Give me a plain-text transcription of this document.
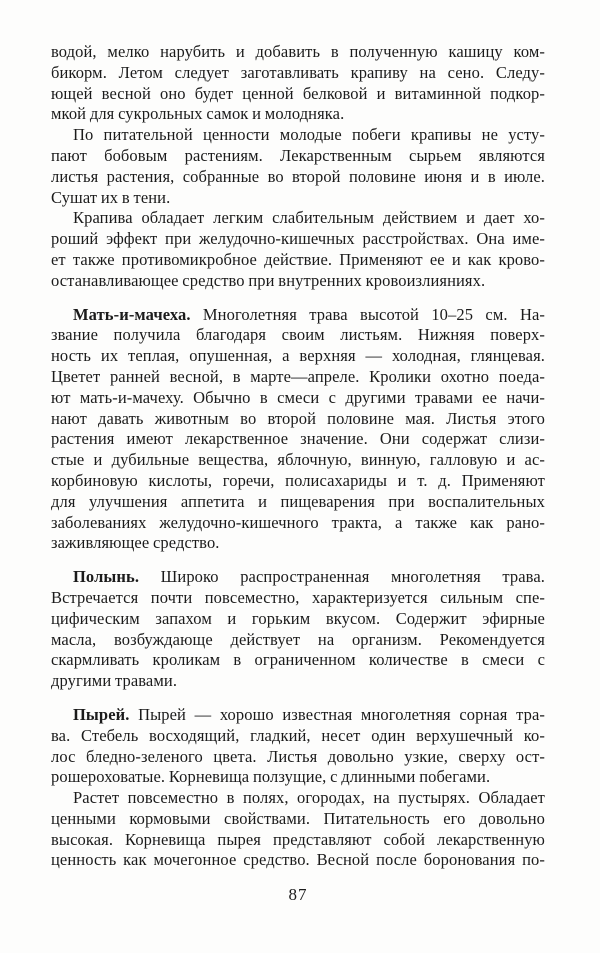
водой, мелко нарубить и добавить в полученную кашицу ком-
бикорм. Летом следует заготавливать крапиву на сено. Следу-
ющей весной оно будет ценной белковой и витаминной подкор-
мкой для сукрольных самок и молодняка.
По питательной ценности молодые побеги крапивы не усту-
пают бобовым растениям. Лекарственным сырьем являются
листья растения, собранные во второй половине июня и в июле.
Сушат их в тени.
Крапива обладает легким слабительным действием и дает хо-
роший эффект при желудочно-кишечных расстройствах. Она име-
ет также противомикробное действие. Применяют ее и как крово-
останавливающее средство при внутренних кровоизлияниях.
Мать-и-мачеха. Многолетняя трава высотой 10–25 см. На-
звание получила благодаря своим листьям. Нижняя поверх-
ность их теплая, опушенная, а верхняя — холодная, глянцевая.
Цветет ранней весной, в марте—апреле. Кролики охотно поеда-
ют мать-и-мачеху. Обычно в смеси с другими травами ее начи-
нают давать животным во второй половине мая. Листья этого
растения имеют лекарственное значение. Они содержат слизи-
стые и дубильные вещества, яблочную, винную, галловую и ас-
корбиновую кислоты, горечи, полисахариды и т. д. Применяют
для улучшения аппетита и пищеварения при воспалительных
заболеваниях желудочно-кишечного тракта, а также как рано-
заживляющее средство.
Полынь. Широко распространенная многолетняя трава.
Встречается почти повсеместно, характеризуется сильным спе-
цифическим запахом и горьким вкусом. Содержит эфирные
масла, возбуждающе действует на организм. Рекомендуется
скармливать кроликам в ограниченном количестве в смеси с
другими травами.
Пырей. Пырей — хорошо известная многолетняя сорная тра-
ва. Стебель восходящий, гладкий, несет один верхушечный ко-
лос бледно-зеленого цвета. Листья довольно узкие, сверху ост-
рошероховатые. Корневища ползущие, с длинными побегами.
Растет повсеместно в полях, огородах, на пустырях. Обладает
ценными кормовыми свойствами. Питательность его довольно
высокая. Корневища пырея представляют собой лекарственную
ценность как мочегонное средство. Весной после боронования по-
87
